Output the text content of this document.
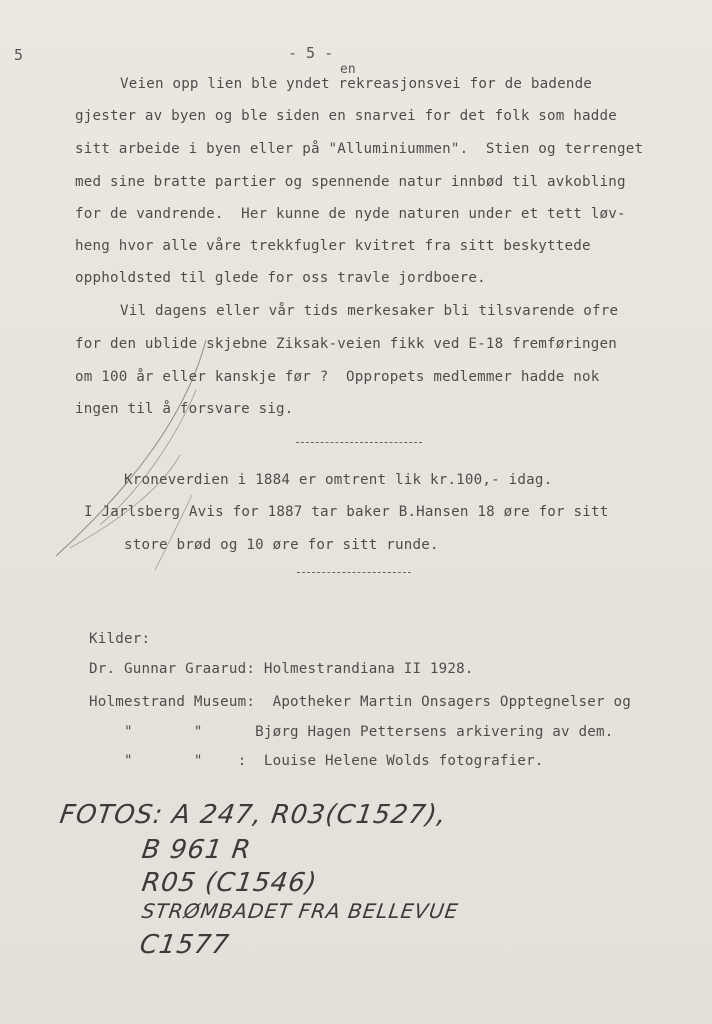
5	- 5 -
en
Veien opp lien ble yndet rekreasjonsvei for de badende
gjester av byen og ble siden en snarvei for det folk som hadde
sitt arbeide i byen eller på "Alluminiummen".  Stien og terrenget
med sine bratte partier og spennende natur innbød til avkobling
for de vandrende.  Her kunne de nyde naturen under et tett løv-
heng hvor alle våre trekkfugler kvitret fra sitt beskyttede
oppholdsted til glede for oss travle jordboere.
Vil dagens eller vår tids merkesaker bli tilsvarende ofre
for den ublide skjebne Ziksak-veien fikk ved E-18 fremføringen
om 100 år eller kanskje før ?  Oppropets medlemmer hadde nok
ingen til å forsvare sig.
Kroneverdien i 1884 er omtrent lik kr.100,- idag.
I Jarlsberg Avis for 1887 tar baker B.Hansen 18 øre for sitt
store brød og 10 øre for sitt runde.
Kilder:
Dr. Gunnar Graarud: Holmestrandiana II 1928.
Holmestrand Museum:  Apotheker Martin Onsagers Opptegnelser og
"       "      Bjørg Hagen Pettersens arkivering av dem.
"       "    :  Louise Helene Wolds fotografier.
FOTOS: A 247, R03(C1527),
B 961 R
R05 (C1546)
STRØMBADET FRA BELLEVUE
C1577
